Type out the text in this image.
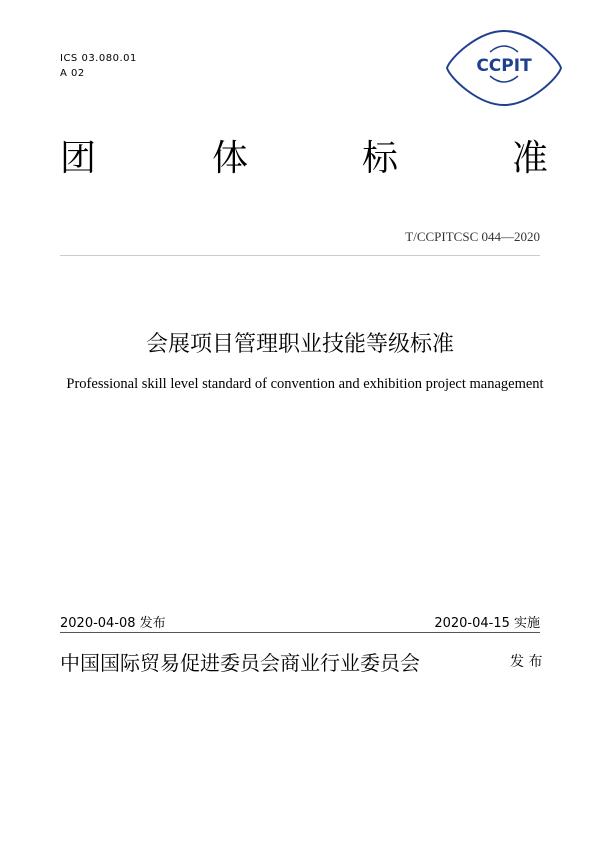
ICS 03.080.01
A 02	CCPIT
团	体	标	准
T/CCPITCSC 044—2020
会展项目管理职业技能等级标准
Professional skill level standard of convention and exhibition project management
2020-04-08 发布	2020-04-15 实施
中国国际贸易促进委员会商业行业委员会	发 布
